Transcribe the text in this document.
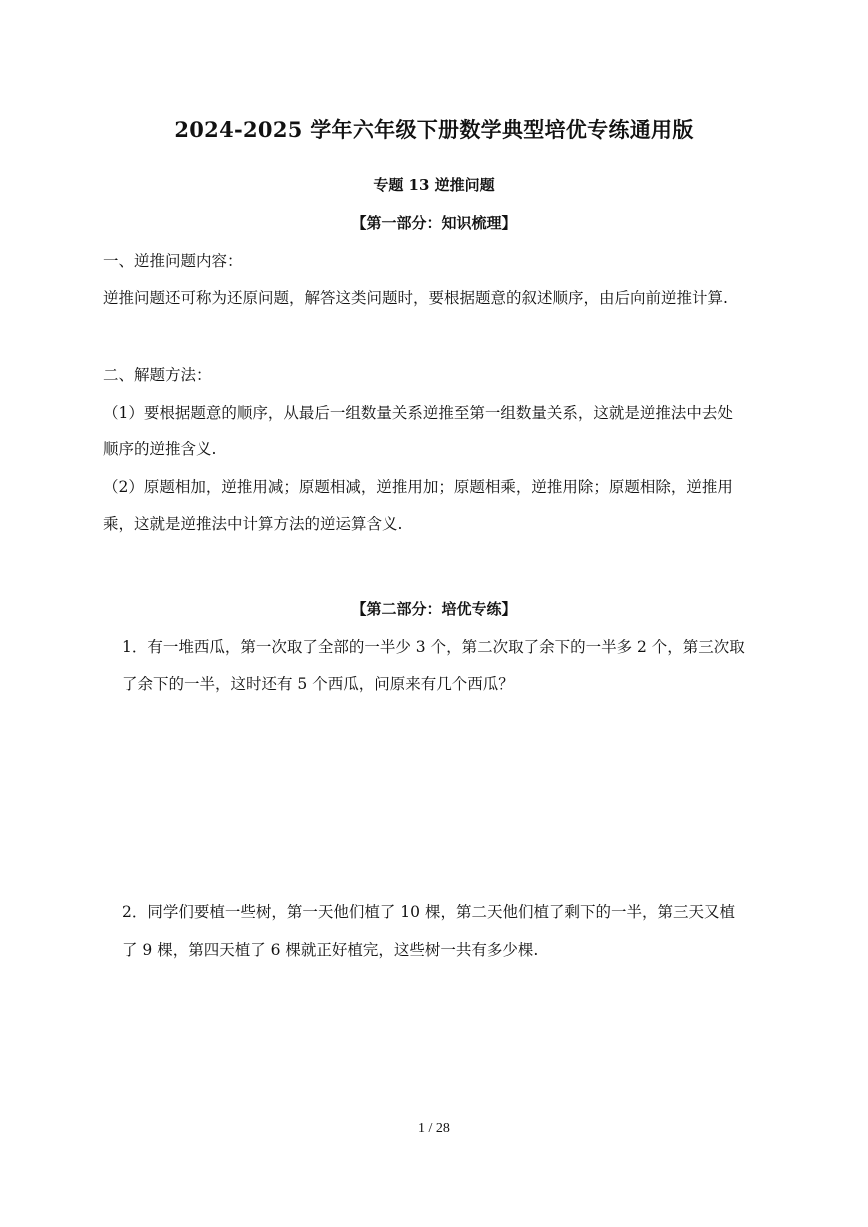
2024-2025 学年六年级下册数学典型培优专练通用版
专题 13 逆推问题
【第一部分：知识梳理】
一、逆推问题内容：
逆推问题还可称为还原问题，解答这类问题时，要根据题意的叙述顺序，由后向前逆推计算.
二、解题方法：
（1）要根据题意的顺序，从最后一组数量关系逆推至第一组数量关系，这就是逆推法中去处
顺序的逆推含义.
（2）原题相加，逆推用减；原题相减，逆推用加；原题相乘，逆推用除；原题相除，逆推用
乘，这就是逆推法中计算方法的逆运算含义.
【第二部分：培优专练】
1．有一堆西瓜，第一次取了全部的一半少 3 个，第二次取了余下的一半多 2 个，第三次取
了余下的一半，这时还有 5 个西瓜，问原来有几个西瓜？
2．同学们要植一些树，第一天他们植了 10 棵，第二天他们植了剩下的一半，第三天又植
了 9 棵，第四天植了 6 棵就正好植完，这些树一共有多少棵.
1 / 28
